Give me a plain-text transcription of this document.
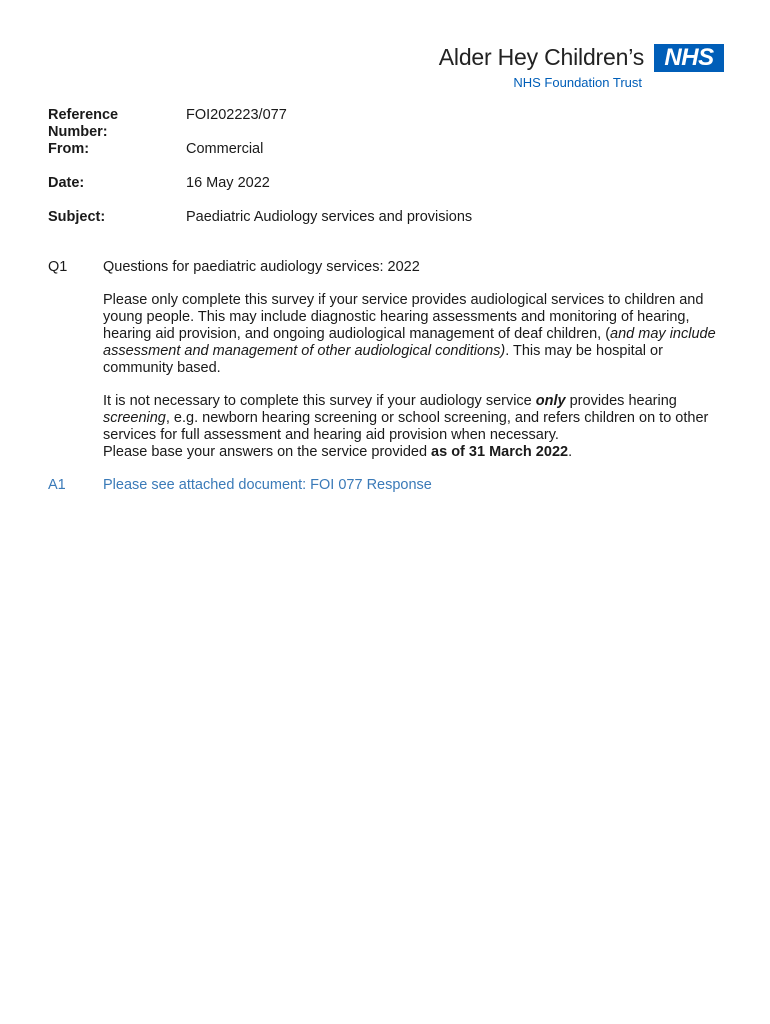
Alder Hey Children’s
NHS Foundation Trust
NHS
Reference Number:
FOI202223/077
From:	Commercial
Date:	16 May 2022
Subject:	Paediatric Audiology services and provisions
Q1	Questions for paediatric audiology services: 2022

Please only complete this survey if your service provides audiological services to children and young people. This may include diagnostic hearing assessments and monitoring of hearing, hearing aid provision, and ongoing audiological management of deaf children, (and may include assessment and management of other audiological conditions). This may be hospital or community based.

It is not necessary to complete this survey if your audiology service only provides hearing screening, e.g. newborn hearing screening or school screening, and refers children on to other services for full assessment and hearing aid provision when necessary.

Please base your answers on the service provided as of 31 March 2022.

A1	Please see attached document: FOI 077 Response
